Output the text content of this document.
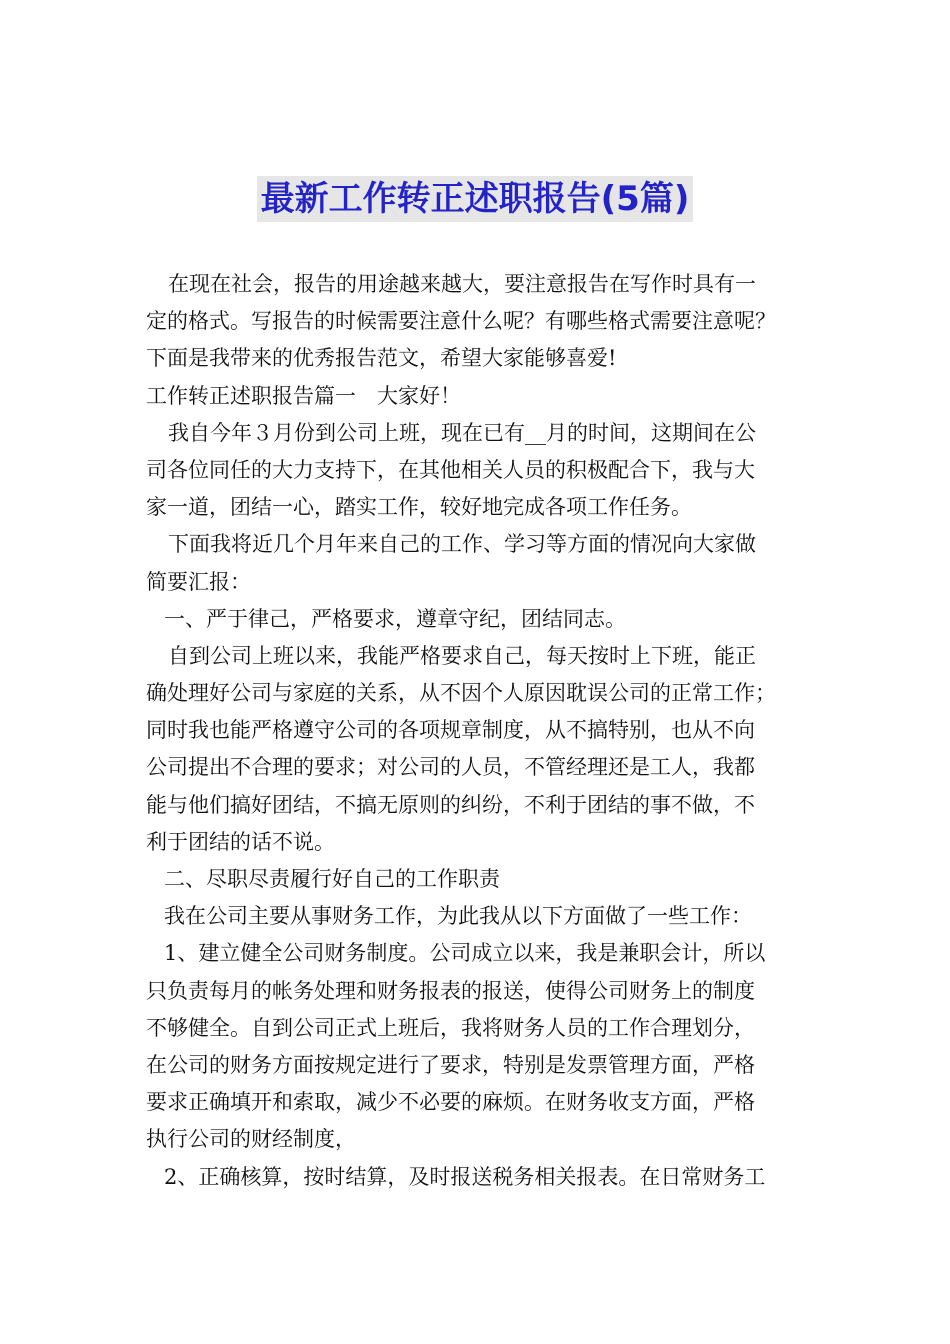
最新工作转正述职报告(5篇)
在现在社会，报告的用途越来越大，要注意报告在写作时具有一
定的格式。写报告的时候需要注意什么呢？有哪些格式需要注意呢？
下面是我带来的优秀报告范文，希望大家能够喜爱!
工作转正述职报告篇一　大家好！
我自今年３月份到公司上班，现在已有__月的时间，这期间在公
司各位同任的大力支持下，在其他相关人员的积极配合下，我与大
家一道，团结一心，踏实工作，较好地完成各项工作任务。
下面我将近几个月年来自己的工作、学习等方面的情况向大家做
简要汇报：
一、严于律己，严格要求，遵章守纪，团结同志。
自到公司上班以来，我能严格要求自己，每天按时上下班，能正
确处理好公司与家庭的关系，从不因个人原因耽误公司的正常工作；
同时我也能严格遵守公司的各项规章制度，从不搞特别，也从不向
公司提出不合理的要求；对公司的人员，不管经理还是工人，我都
能与他们搞好团结，不搞无原则的纠纷，不利于团结的事不做，不
利于团结的话不说。
二、尽职尽责履行好自己的工作职责
我在公司主要从事财务工作，为此我从以下方面做了一些工作：
1、建立健全公司财务制度。公司成立以来，我是兼职会计，所以
只负责每月的帐务处理和财务报表的报送，使得公司财务上的制度
不够健全。自到公司正式上班后，我将财务人员的工作合理划分，
在公司的财务方面按规定进行了要求，特别是发票管理方面，严格
要求正确填开和索取，减少不必要的麻烦。在财务收支方面，严格
执行公司的财经制度，
2、正确核算，按时结算，及时报送税务相关报表。在日常财务工
